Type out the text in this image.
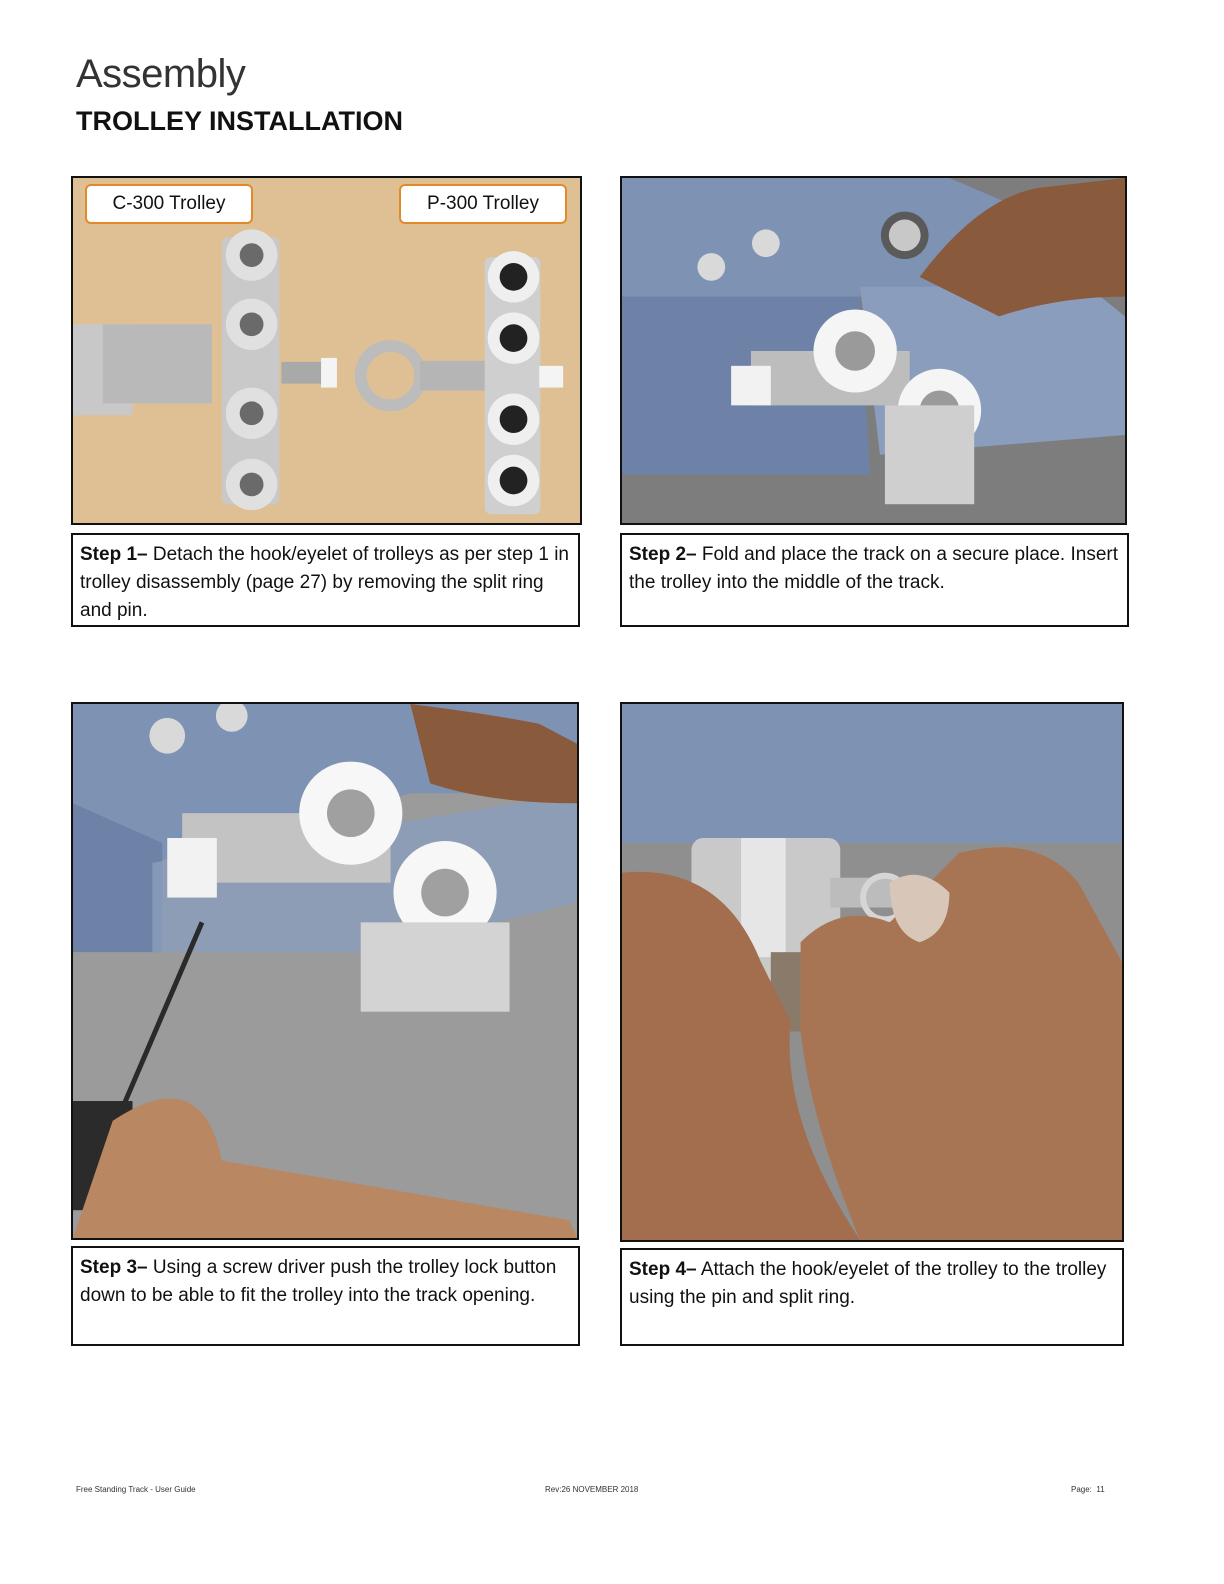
Assembly
TROLLEY INSTALLATION
C-300 Trolley	P-300 Trolley
Step 1– Detach the hook/eyelet of trolleys as per step 1 in trolley disassembly (page 27) by removing the split ring and pin.
Step 2– Fold and place the track on a secure place. Insert the trolley into the middle of the track.
Step 3– Using a screw driver push the trolley lock button down to be able to fit the trolley into the track opening.
Step 4– Attach the hook/eyelet of the trolley to the trolley using the pin and split ring.
Free Standing Track - User Guide	Rev:26 NOVEMBER 2018	Page: 11
